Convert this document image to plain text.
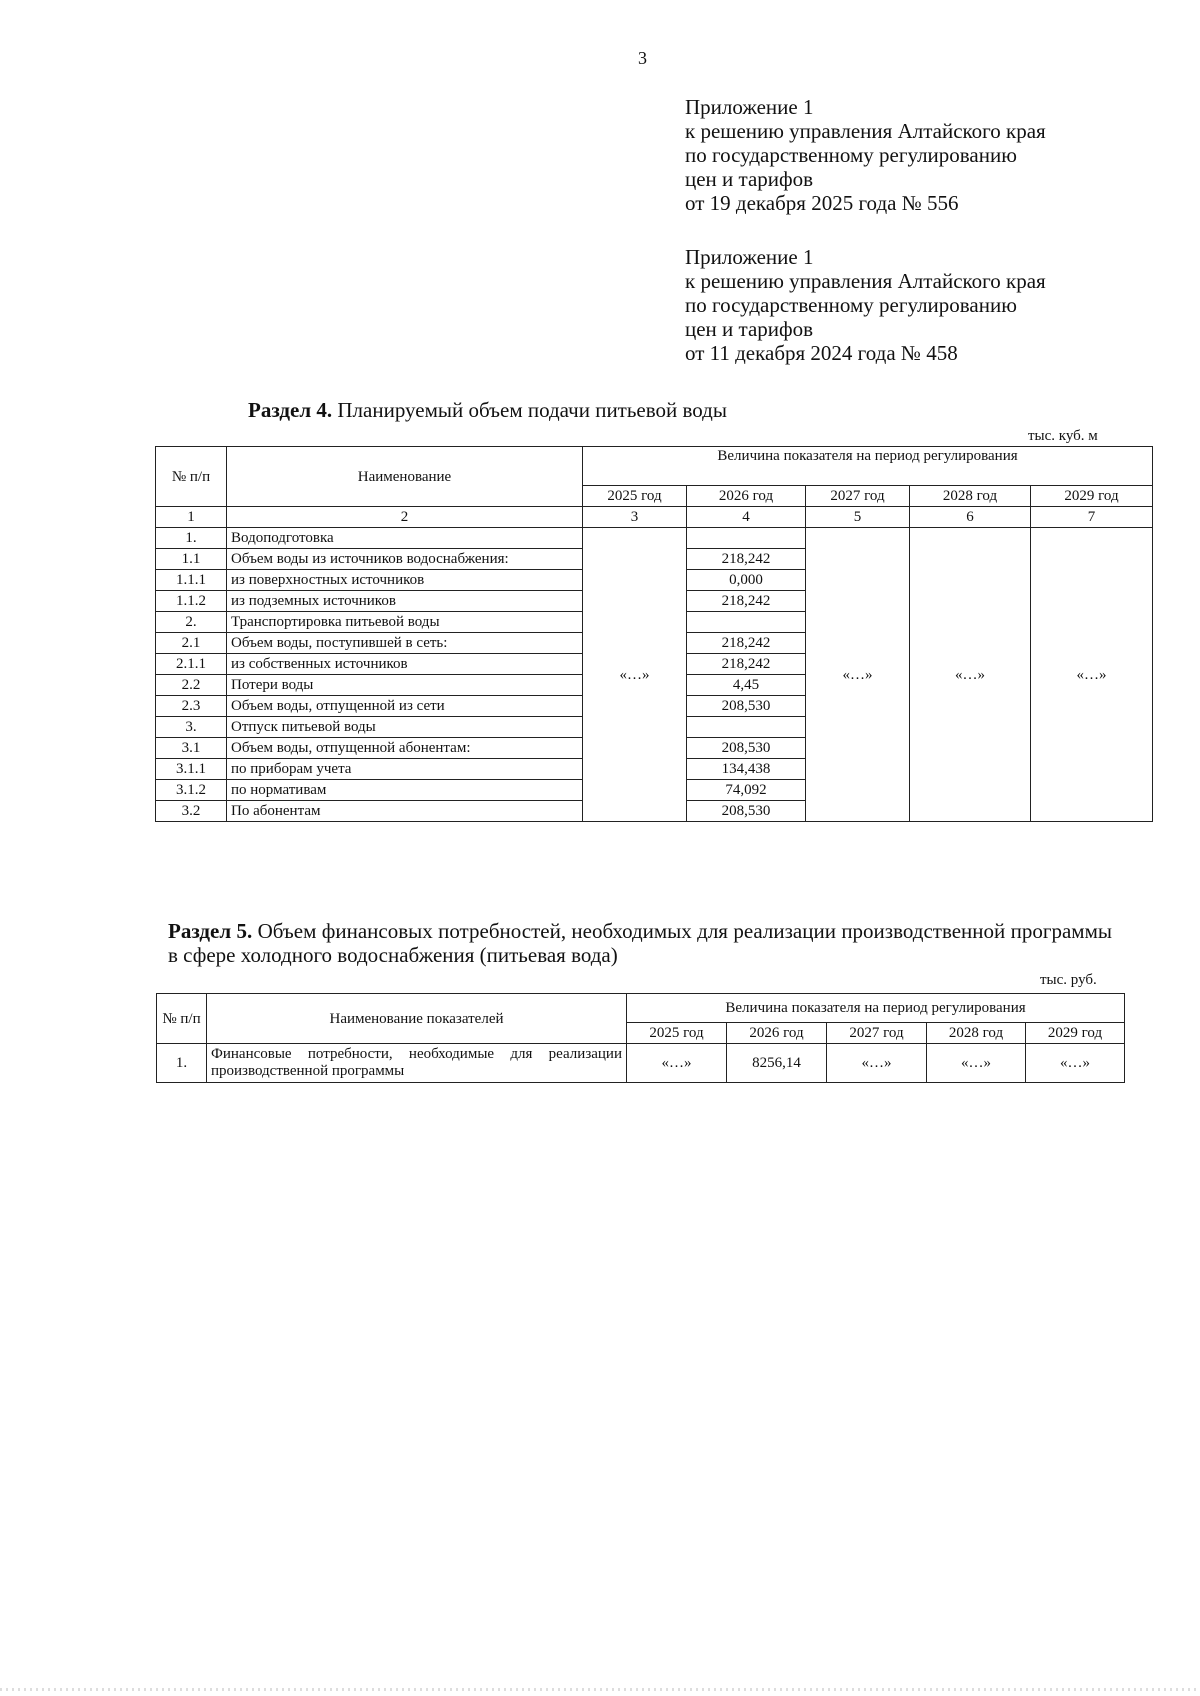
3
Приложение 1
к решению управления Алтайского края
по государственному регулированию
цен и тарифов
от 19 декабря 2025 года № 556
Приложение 1
к решению управления Алтайского края
по государственному регулированию
цен и тарифов
от 11 декабря 2024 года № 458
Раздел 4. Планируемый объем подачи питьевой воды
тыс. куб. м
№ п/п	Наименование	Величина показателя на период регулирования				
		2025 год	2026 год	2027 год	2028 год	2029 год
1	2	3	4	5	6	7
1.	Водоподготовка	«…»		«…»	«…»	«…»
1.1	Объем воды из источников водоснабжения:		218,242			
1.1.1	из поверхностных источников		0,000			
1.1.2	из подземных источников		218,242			
2.	Транспортировка питьевой воды					
2.1	Объем воды, поступившей в сеть:		218,242			
2.1.1	из собственных источников		218,242			
2.2	Потери воды		4,45			
2.3	Объем воды, отпущенной из сети		208,530			
3.	Отпуск питьевой воды					
3.1	Объем воды, отпущенной абонентам:		208,530			
3.1.1	по приборам учета		134,438			
3.1.2	по нормативам		74,092			
3.2	По абонентам		208,530			
Раздел 5. Объем финансовых потребностей, необходимых для реализации производственной программы в сфере холодного водоснабжения (питьевая вода)
тыс. руб.
№ п/п	Наименование показателей	Величина показателя на период регулирования				
		2025 год	2026 год	2027 год	2028 год	2029 год
1.	Финансовые потребности, необходимые для реализации производственной программы	«…»	8256,14	«…»	«…»	«…»
